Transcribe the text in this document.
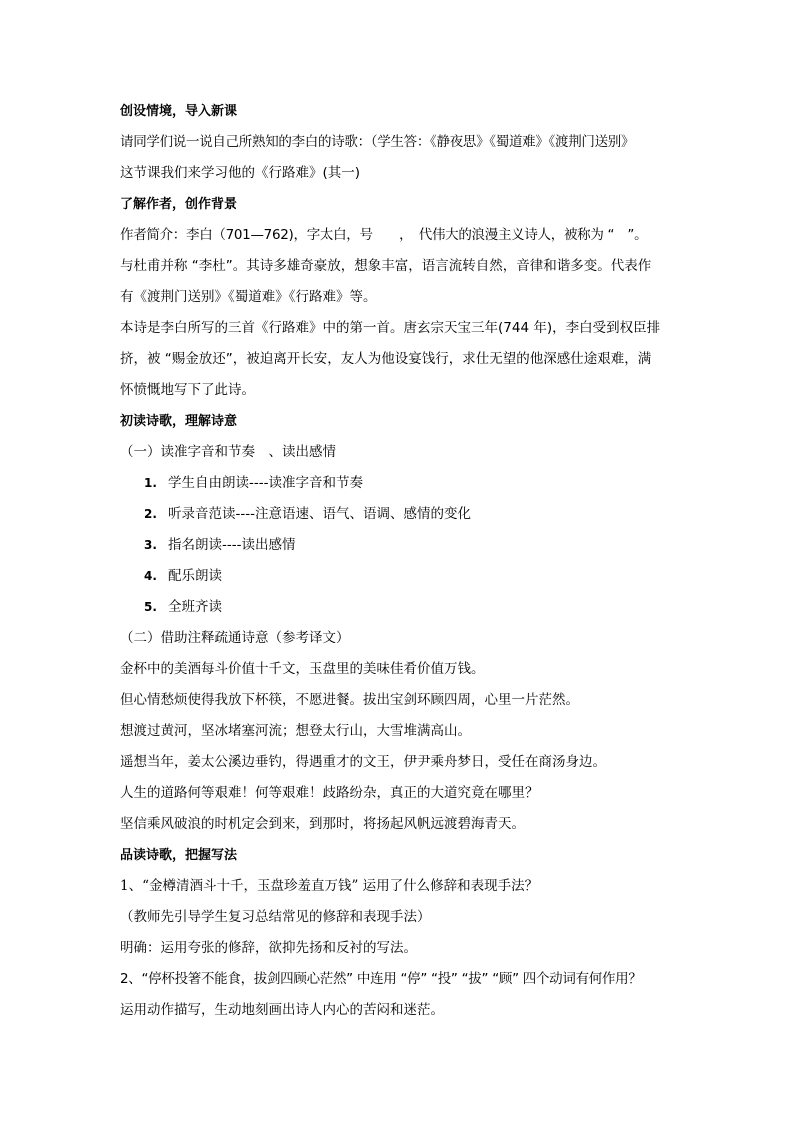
创设情境，导入新课
请同学们说一说自己所熟知的李白的诗歌：（学生答：《静夜思》《蜀道难》《渡荆门送别》
这节课我们来学习他的《行路难》(其一)
了解作者，创作背景
作者简介：李白（701—762)，字太白，号　　，　代伟大的浪漫主义诗人，被称为 “　”。
与杜甫并称 “李杜”。其诗多雄奇豪放，想象丰富，语言流转自然，音律和谐多变。代表作
有《渡荆门送别》《蜀道难》《行路难》等。
本诗是李白所写的三首《行路难》中的第一首。唐玄宗天宝三年(744 年)，李白受到权臣排
挤，被 “赐金放还”，被迫离开长安，友人为他设宴饯行，求仕无望的他深感仕途艰难，满
怀愤慨地写下了此诗。
初读诗歌，理解诗意
（一）读准字音和节奏　、读出感情
1. 学生自由朗读----读准字音和节奏
2. 听录音范读----注意语速、语气、语调、感情的变化
3. 指名朗读----读出感情
4. 配乐朗读
5. 全班齐读
（二）借助注释疏通诗意（参考译文）
金杯中的美酒每斗价值十千文，玉盘里的美味佳肴价值万钱。
但心情愁烦使得我放下杯筷，不愿进餐。拔出宝剑环顾四周，心里一片茫然。
想渡过黄河，坚冰堵塞河流；想登太行山，大雪堆满高山。
遥想当年，姜太公溪边垂钓，得遇重才的文王，伊尹乘舟梦日，受任在商汤身边。
人生的道路何等艰难！何等艰难！歧路纷杂，真正的大道究竟在哪里？
坚信乘风破浪的时机定会到来，到那时，将扬起风帆远渡碧海青天。
品读诗歌，把握写法
1、“金樽清酒斗十千，玉盘珍羞直万钱” 运用了什么修辞和表现手法？
（教师先引导学生复习总结常见的修辞和表现手法）
明确：运用夸张的修辞，欲抑先扬和反衬的写法。
2、“停杯投箸不能食，拔剑四顾心茫然” 中连用 “停” “投” “拔” “顾” 四个动词有何作用？
运用动作描写，生动地刻画出诗人内心的苦闷和迷茫。
